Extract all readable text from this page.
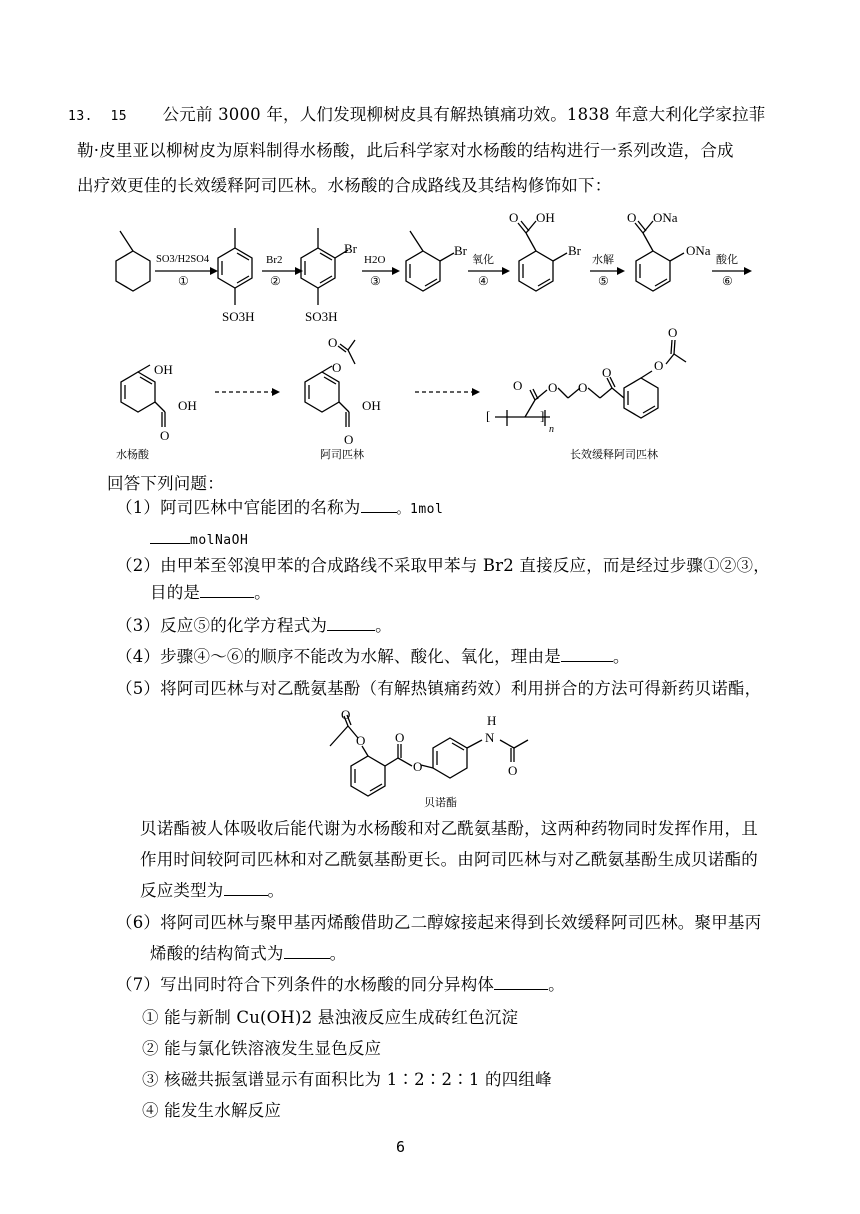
13. 15 公元前 3000 年，人们发现柳树皮具有解热镇痛功效。1838 年意大利化学家拉菲
勒·皮里亚以柳树皮为原料制得水杨酸，此后科学家对水杨酸的结构进行一系列改造，合成
出疗效更佳的长效缓释阿司匹林。水杨酸的合成路线及其结构修饰如下：
SO3/H2SO4
①
SO3H
Br2
②
Br
SO3H
H2O
③
Br
氧化
④
O OH
Br
水解
⑤
O ONa
ONa
酸化
⑥
OH
OH
O
水杨酸
O
O
OH
O
阿司匹林
[	]
n
O O O
O	O
O
长效缓释阿司匹林
回答下列问题：
（1）阿司匹林中官能团的名称为	。1mol
molNaOH
（2）由甲苯至邻溴甲苯的合成路线不采取甲苯与 Br2 直接反应，而是经过步骤①②③，
目的是	。
（3）反应⑤的化学方程式为	。
（4）步骤④～⑥的顺序不能改为水解、酸化、氧化，理由是	。
（5）将阿司匹林与对乙酰氨基酚（有解热镇痛药效）利用拼合的方法可得新药贝诺酯，
O
O O
O
H
N
O
贝诺酯
贝诺酯被人体吸收后能代谢为水杨酸和对乙酰氨基酚，这两种药物同时发挥作用，且
作用时间较阿司匹林和对乙酰氨基酚更长。由阿司匹林与对乙酰氨基酚生成贝诺酯的
反应类型为	。
（6）将阿司匹林与聚甲基丙烯酸借助乙二醇嫁接起来得到长效缓释阿司匹林。聚甲基丙
烯酸的结构简式为	。
（7）写出同时符合下列条件的水杨酸的同分异构体	。
① 能与新制 Cu(OH)2 悬浊液反应生成砖红色沉淀
② 能与氯化铁溶液发生显色反应
③ 核磁共振氢谱显示有面积比为 1∶2∶2∶1 的四组峰
④ 能发生水解反应
6
